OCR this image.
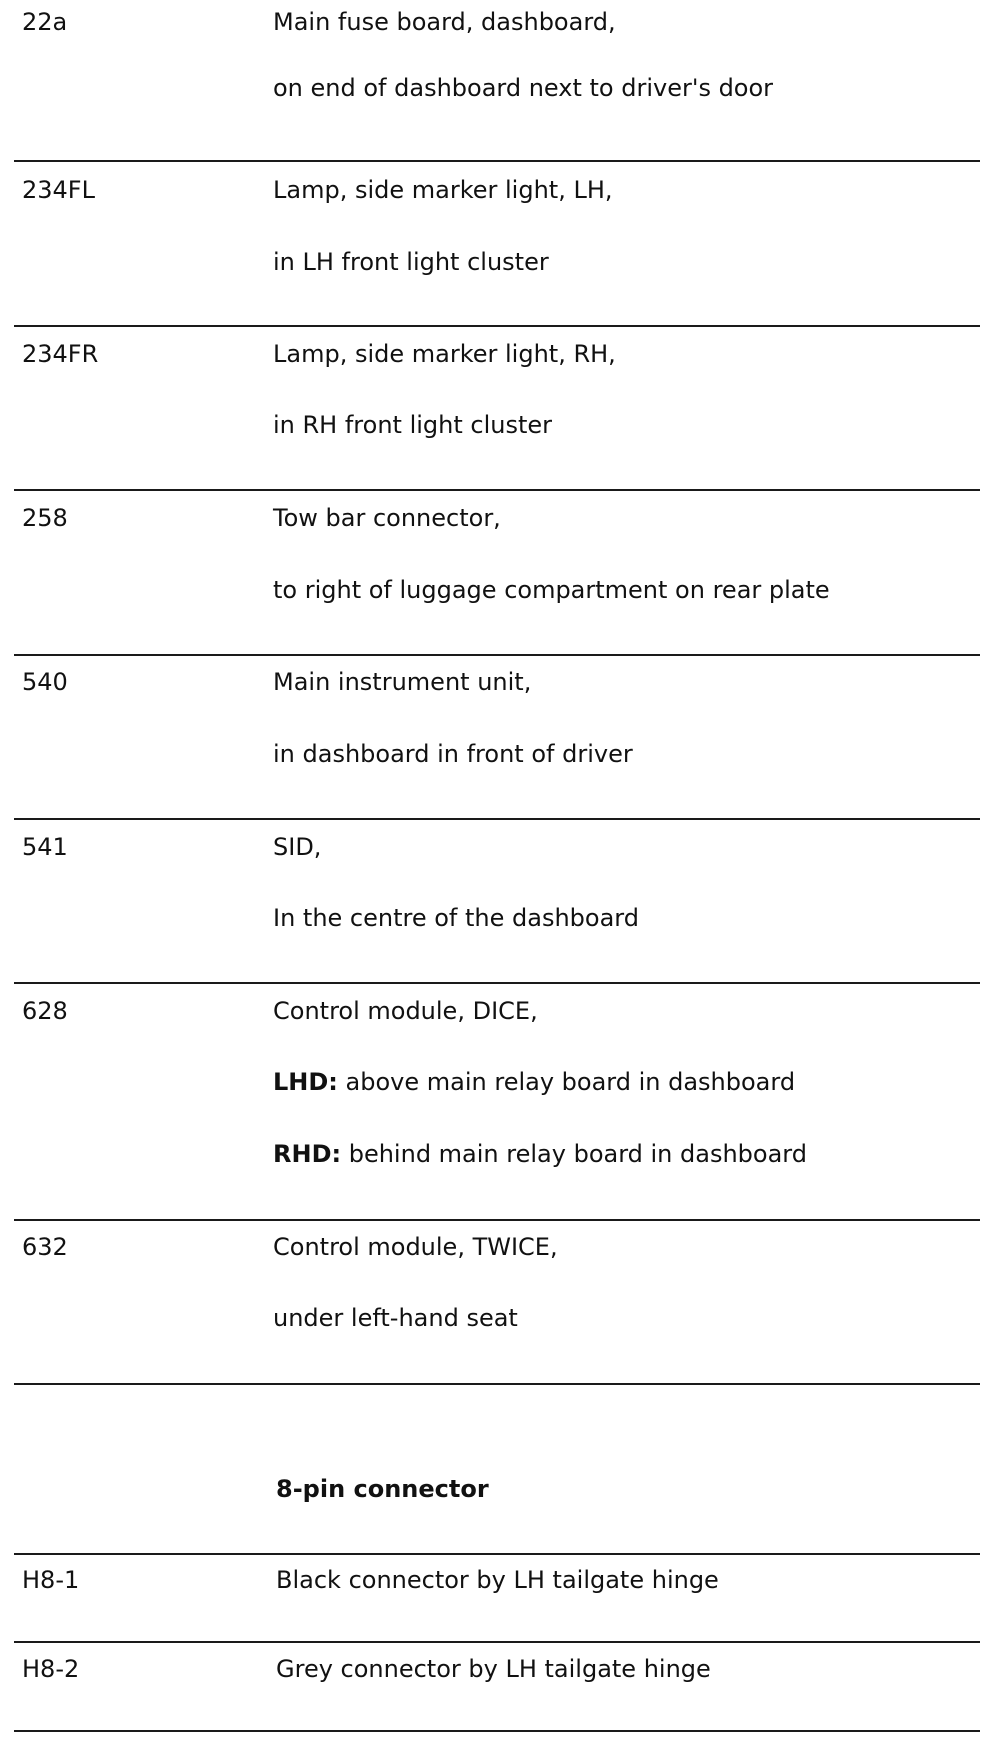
22a	Main fuse board, dashboard,
on end of dashboard next to driver's door
234FL	Lamp, side marker light, LH,
in LH front light cluster
234FR	Lamp, side marker light, RH,
in RH front light cluster
258	Tow bar connector,
to right of luggage compartment on rear plate
540	Main instrument unit,
in dashboard in front of driver
541	SID,
In the centre of the dashboard
628	Control module, DICE,
LHD: above main relay board in dashboard
RHD: behind main relay board in dashboard
632	Control module, TWICE,
under left-hand seat
8-pin connector
H8-1	Black connector by LH tailgate hinge
H8-2	Grey connector by LH tailgate hinge
